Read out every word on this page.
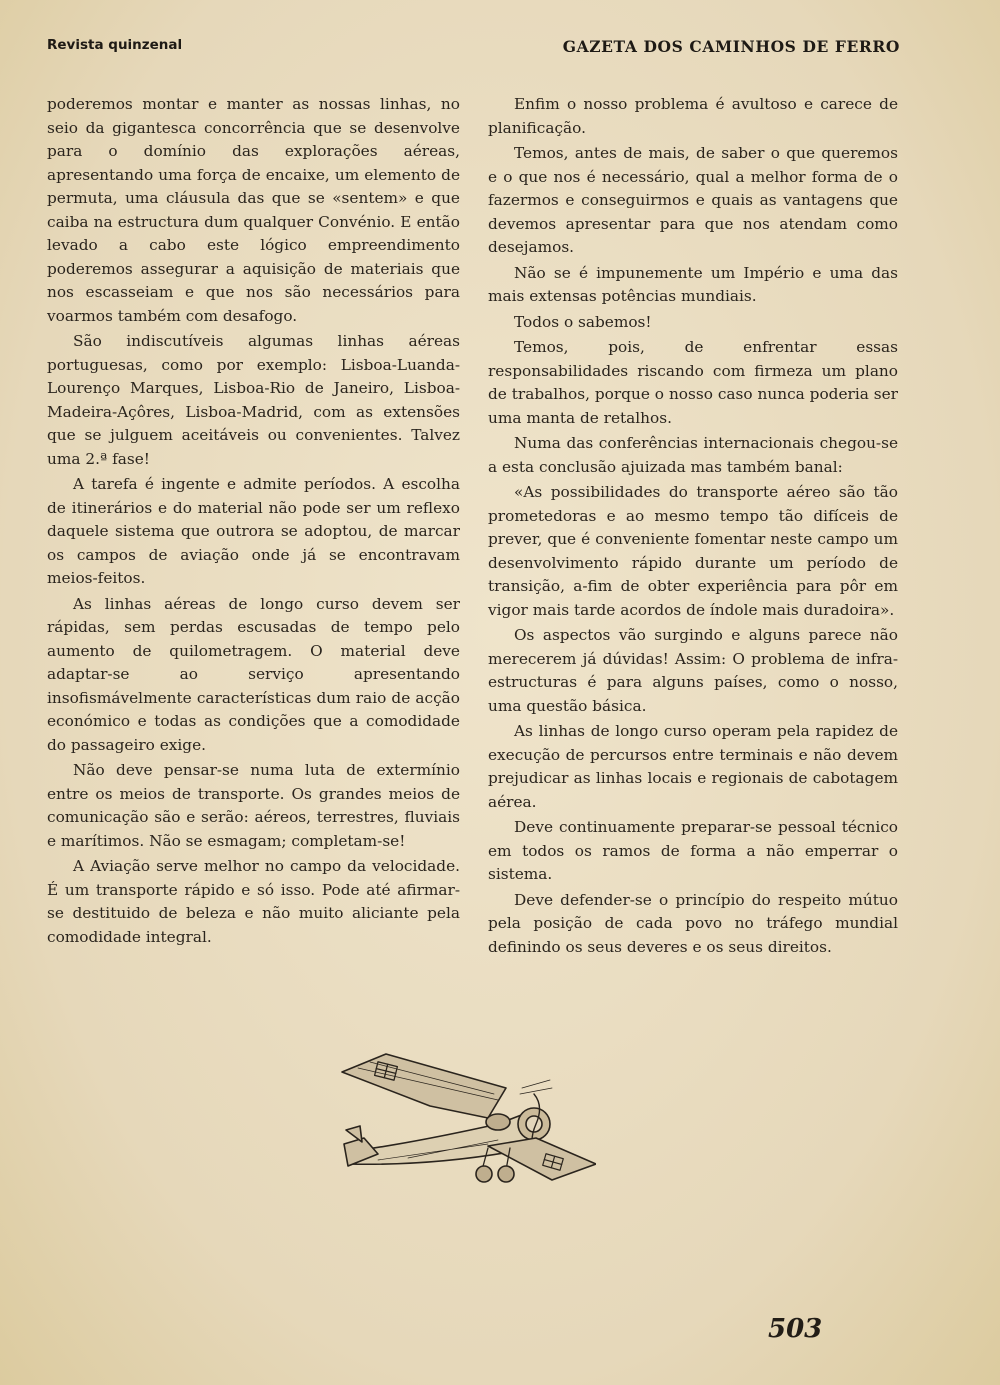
Revista quinzenal	GAZETA DOS CAMINHOS DE FERRO

poderemos montar e manter as nossas linhas, no seio da gigantesca concorrência que se desenvolve para o domínio das explorações aéreas, apresentando uma força de encaixe, um elemento de permuta, uma cláusula das que se «sentem» e que caiba na estructura dum qualquer Convénio. E então levado a cabo este lógico empreendimento poderemos assegurar a aquisição de materiais que nos escasseiam e que nos são necessários para voarmos também com desafogo.

São indiscutíveis algumas linhas aéreas portuguesas, como por exemplo: Lisboa-Luanda-Lourenço Marques, Lisboa-Rio de Janeiro, Lisboa-Madeira-Açôres, Lisboa-Madrid, com as extensões que se julguem aceitáveis ou convenientes. Talvez uma 2.ª fase!

A tarefa é ingente e admite períodos. A escolha de itinerários e do material não pode ser um reflexo daquele sistema que outrora se adoptou, de marcar os campos de aviação onde já se encontravam meios-feitos.

As linhas aéreas de longo curso devem ser rápidas, sem perdas escusadas de tempo pelo aumento de quilometragem. O material deve adaptar-se ao serviço apresentando insofismávelmente características dum raio de acção económico e todas as condições que a comodidade do passageiro exige.

Não deve pensar-se numa luta de extermínio entre os meios de transporte. Os grandes meios de comunicação são e serão: aéreos, terrestres, fluviais e marítimos. Não se esmagam; completam-se!

A Aviação serve melhor no campo da velocidade. É um transporte rápido e só isso. Pode até afirmar-se destituido de beleza e não muito aliciante pela comodidade integral.

Enfim o nosso problema é avultoso e carece de planificação.

Temos, antes de mais, de saber o que queremos e o que nos é necessário, qual a melhor forma de o fazermos e conseguirmos e quais as vantagens que devemos apresentar para que nos atendam como desejamos.

Não se é impunemente um Império e uma das mais extensas potências mundiais.

Todos o sabemos!

Temos, pois, de enfrentar essas responsabilidades riscando com firmeza um plano de trabalhos, porque o nosso caso nunca poderia ser uma manta de retalhos.

Numa das conferências internacionais chegou-se a esta conclusão ajuizada mas também banal:

«As possibilidades do transporte aéreo são tão prometedoras e ao mesmo tempo tão difíceis de prever, que é conveniente fomentar neste campo um desenvolvimento rápido durante um período de transição, a-fim de obter experiência para pôr em vigor mais tarde acordos de índole mais duradoira».

Os aspectos vão surgindo e alguns parece não merecerem já dúvidas! Assim: O problema de infra-estructuras é para alguns países, como o nosso, uma questão básica.

As linhas de longo curso operam pela rapidez de execução de percursos entre terminais e não devem prejudicar as linhas locais e regionais de cabotagem aérea.

Deve continuamente preparar-se pessoal técnico em todos os ramos de forma a não emperrar o sistema.

Deve defender-se o princípio do respeito mútuo pela posição de cada povo no tráfego mundial definindo os seus deveres e os seus direitos.

503
